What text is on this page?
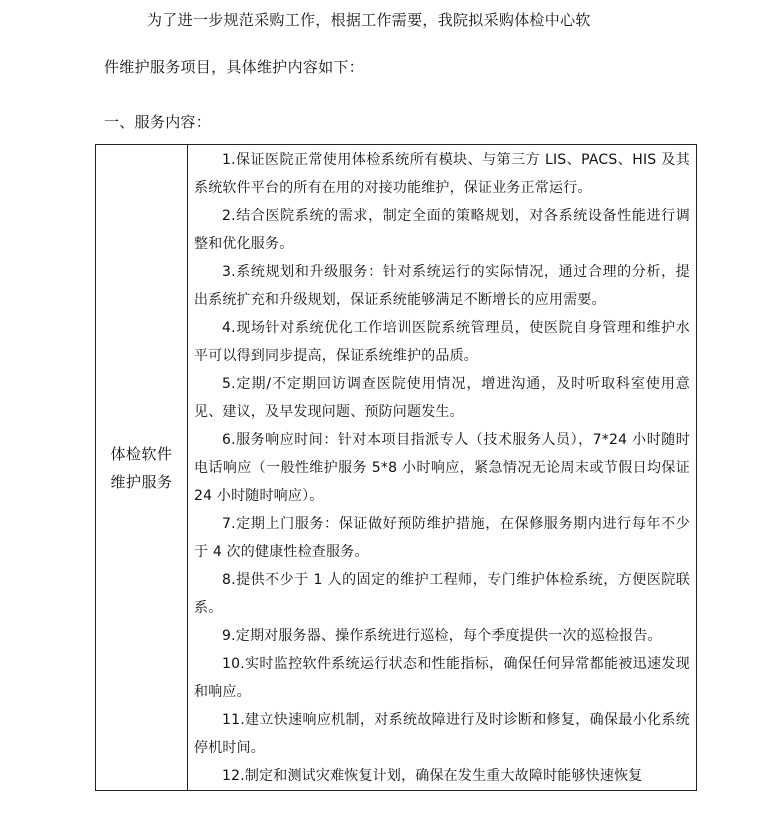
为了进一步规范采购工作，根据工作需要，我院拟采购体检中心软
件维护服务项目，具体维护内容如下：
一、服务内容：
体检软件
维护服务

1.保证医院正常使用体检系统所有模块、与第三方 LIS、PACS、HIS 及其系统软件平台的所有在用的对接功能维护，保证业务正常运行。

2.结合医院系统的需求，制定全面的策略规划，对各系统设备性能进行调整和优化服务。

3.系统规划和升级服务：针对系统运行的实际情况，通过合理的分析，提出系统扩充和升级规划，保证系统能够满足不断增长的应用需要。

4.现场针对系统优化工作培训医院系统管理员，使医院自身管理和维护水平可以得到同步提高，保证系统维护的品质。

5.定期/不定期回访调查医院使用情况，增进沟通，及时听取科室使用意见、建议，及早发现问题、预防问题发生。

6.服务响应时间：针对本项目指派专人（技术服务人员），7*24 小时随时电话响应（一般性维护服务 5*8 小时响应，紧急情况无论周末或节假日均保证 24 小时随时响应）。

7.定期上门服务：保证做好预防维护措施，在保修服务期内进行每年不少于 4 次的健康性检查服务。

8.提供不少于 1 人的固定的维护工程师，专门维护体检系统，方便医院联系。

9.定期对服务器、操作系统进行巡检，每个季度提供一次的巡检报告。

10.实时监控软件系统运行状态和性能指标，确保任何异常都能被迅速发现和响应。

11.建立快速响应机制，对系统故障进行及时诊断和修复，确保最小化系统停机时间。

12.制定和测试灾难恢复计划，确保在发生重大故障时能够快速恢复
